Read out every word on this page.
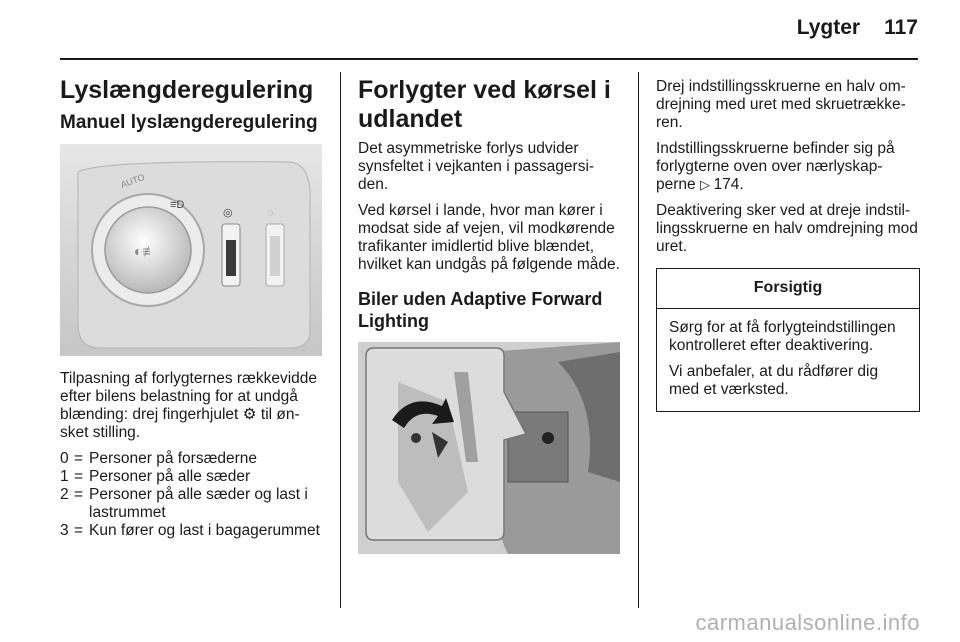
Lygter 117
Lyslængderegulering
Manuel lyslængderegulering
AUTO
≡D
◐≢
◎	◌

Tilpasning af forlygternes rækkevidde efter bilens belastning for at undgå blænding: drej fingerhjulet ⚙ til øn- sket stilling.

0 = Personer på forsæderne
1 = Personer på alle sæder
2 = Personer på alle sæder og last i lastrummet
3 = Kun fører og last i bagagerummet
Forlygter ved kørsel i udlandet

Det asymmetriske forlys udvider synsfeltet i vejkanten i passagersi- den.

Ved kørsel i lande, hvor man kører i modsat side af vejen, vil modkørende trafikanter imidlertid blive blændet, hvilket kan undgås på følgende måde.

Biler uden Adaptive Forward Lighting

Drej indstillingsskruerne en halv om- drejning med uret med skruetrække- ren.

Indstillingsskruerne befinder sig på forlygterne oven over nærlyskap- perne ▷ 174.

Deaktivering sker ved at dreje indstil- lingsskruerne en halv omdrejning mod uret.

Forsigtig

Sørg for at få forlygteindstillingen kontrolleret efter deaktivering.

Vi anbefaler, at du rådfører dig med et værksted.

carmanualsonline.info
